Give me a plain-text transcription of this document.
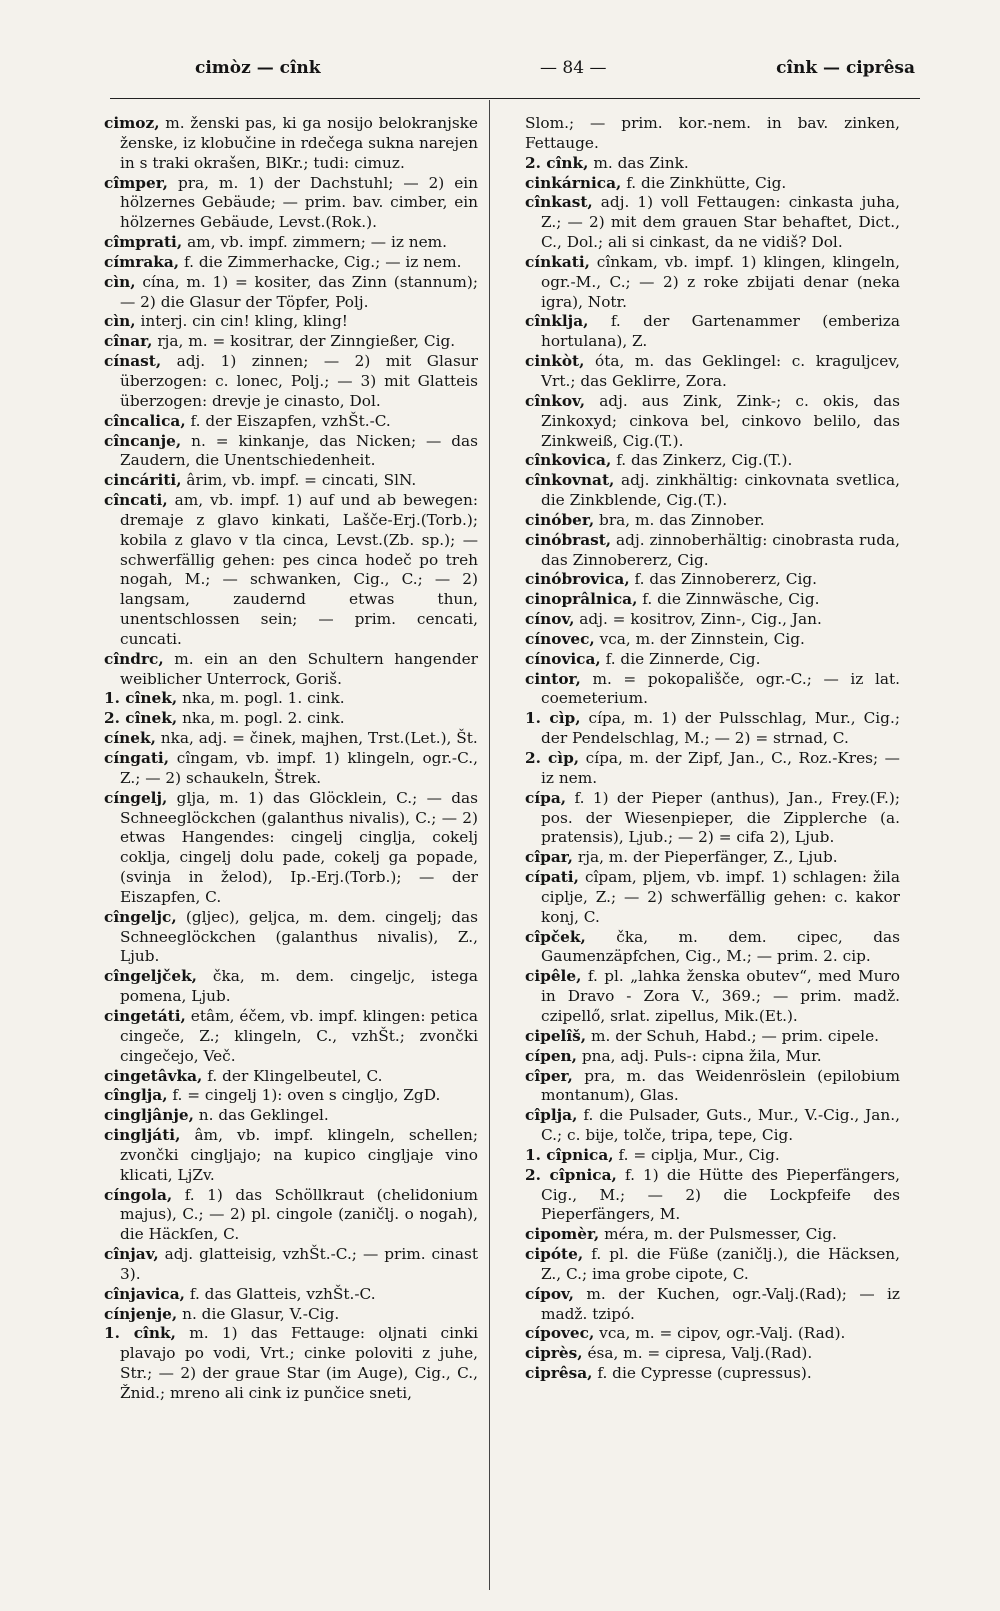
cimòz — cînk	— 84 —	cînk — ciprêsa

cimoz, m. ženski pas, ki ga nosijo belokranjske ženske, iz klobučine in rdečega sukna narejen in s traki okrašen, BlKr.; tudi: cimuz.

cîmper, pra, m. 1) der Dachstuhl; — 2) ein hölzernes Gebäude; — prim. bav. cimber, ein hölzernes Gebäude, Levst.(Rok.).

cîmprati, am, vb. impf. zimmern; — iz nem.

címraka, f. die Zimmerhacke, Cig.; — iz nem.

cìn, cína, m. 1) = kositer, das Zinn (stannum); — 2) die Glasur der Töpfer, Polj.

cìn, interj. cin cin! kling, kling!

cînar, rja, m. = kositrar, der Zinngießer, Cig.

cínast, adj. 1) zinnen; — 2) mit Glasur überzogen: c. lonec, Polj.; — 3) mit Glatteis überzogen: drevje je cinasto, Dol.

cîncalica, f. der Eiszapfen, vzhŠt.-C.

cîncanje, n. = kinkanje, das Nicken; — das Zaudern, die Unentschiedenheit.

cincáriti, ârim, vb. impf. = cincati, SlN.

cîncati, am, vb. impf. 1) auf und ab bewegen: dremaje z glavo kinkati, Lašče-Erj.(Torb.); kobila z glavo v tla cinca, Levst.(Zb. sp.); — schwerfällig gehen: pes cinca hodeč po treh nogah, M.; — schwanken, Cig., C.; — 2) langsam, zaudernd etwas thun, unentschlossen sein; — prim. cencati, cuncati.

cîndrc, m. ein an den Schultern hangender weiblicher Unterrock, Goriš.

1. cînek, nka, m. pogl. 1. cink.

2. cînek, nka, m. pogl. 2. cink.

cínek, nka, adj. = činek, majhen, Trst.(Let.), Št.

cíngati, cîngam, vb. impf. 1) klingeln, ogr.-C., Z.; — 2) schaukeln, Štrek.

cíngelj, glja, m. 1) das Glöcklein, C.; — das Schneeglöckchen (galanthus nivalis), C.; — 2) etwas Hangendes: cingelj cinglja, cokelj coklja, cingelj dolu pade, cokelj ga popade, (svinja in želod), Ip.-Erj.(Torb.); — der Eiszapfen, C.

cîngeljc, (gljec), geljca, m. dem. cingelj; das Schneeglöckchen (galanthus nivalis), Z., Ljub.

cîngeljček, čka, m. dem. cingeljc, istega pomena, Ljub.

cingetáti, etâm, éčem, vb. impf. klingen: petica cingeče, Z.; klingeln, C., vzhŠt.; zvončki cingečejo, Več.

cingetâvka, f. der Klingelbeutel, C.

cînglja, f. = cingelj 1): oven s cingljo, ZgD.

cingljânje, n. das Geklingel.

cingljáti, âm, vb. impf. klingeln, schellen; zvončki cingljajo; na kupico cingljaje vino klicati, LjZv.

cíngola, f. 1) das Schöllkraut (chelidonium majus), C.; — 2) pl. cingole (zaničlj. o nogah), die Häckſen, C.

cînjav, adj. glatteisig, vzhŠt.-C.; — prim. cinast 3).

cînjavica, f. das Glatteis, vzhŠt.-C.

cínjenje, n. die Glasur, V.-Cig.

1. cînk, m. 1) das Fettauge: oljnati cinki plavajo po vodi, Vrt.; cinke poloviti z juhe, Str.; — 2) der graue Star (im Auge), Cig., C., Žnid.; mreno ali cink iz punčice sneti,

Slom.; — prim. kor.-nem. in bav. zinken, Fettauge.

2. cînk, m. das Zink.

cinkárnica, f. die Zinkhütte, Cig.

cînkast, adj. 1) voll Fettaugen: cinkasta juha, Z.; — 2) mit dem grauen Star behaftet, Dict., C., Dol.; ali si cinkast, da ne vidiš? Dol.

cínkati, cînkam, vb. impf. 1) klingen, klingeln, ogr.-M., C.; — 2) z roke zbijati denar (neka igra), Notr.

cînklja, f. der Gartenammer (emberiza hortulana), Z.

cinkòt, óta, m. das Geklingel: c. kraguljcev, Vrt.; das Geklirre, Zora.

cînkov, adj. aus Zink, Zink-; c. okis, das Zinkoxyd; cinkova bel, cinkovo belilo, das Zinkweiß, Cig.(T.).

cînkovica, f. das Zinkerz, Cig.(T.).

cînkovnat, adj. zinkhältig: cinkovnata svetlica, die Zinkblende, Cig.(T.).

cinóber, bra, m. das Zinnober.

cinóbrast, adj. zinnoberhältig: cinobrasta ruda, das Zinnobererz, Cig.

cinóbrovica, f. das Zinnobererz, Cig.

cinoprâlnica, f. die Zinnwäsche, Cig.

cínov, adj. = kositrov, Zinn-, Cig., Jan.

cínovec, vca, m. der Zinnstein, Cig.

cínovica, f. die Zinnerde, Cig.

cintor, m. = pokopališče, ogr.-C.; — iz lat. coemeterium.

1. cìp, cípa, m. 1) der Pulsschlag, Mur., Cig.; der Pendelschlag, M.; — 2) = strnad, C.

2. cìp, cípa, m. der Zipf, Jan., C., Roz.-Kres; — iz nem.

cípa, f. 1) der Pieper (anthus), Jan., Frey.(F.); pos. der Wiesenpieper, die Zipplerche (a. pratensis), Ljub.; — 2) = cifa 2), Ljub.

cîpar, rja, m. der Pieperfänger, Z., Ljub.

cípati, cîpam, pljem, vb. impf. 1) schlagen: žila ciplje, Z.; — 2) schwerfällig gehen: c. kakor konj, C.

cîpček, čka, m. dem. cipec, das Gaumenzäpfchen, Cig., M.; — prim. 2. cip.

cipêle, f. pl. „lahka ženska obutev“, med Muro in Dravo - Zora V., 369.; — prim. madž. czipellő, srlat. zipellus, Mik.(Et.).

cipelîš, m. der Schuh, Habd.; — prim. cipele.

cípen, pna, adj. Puls-: cipna žila, Mur.

cîper, pra, m. das Weidenröslein (epilobium montanum), Glas.

cîplja, f. die Pulsader, Guts., Mur., V.-Cig., Jan., C.; c. bije, tolče, tripa, tepe, Cig.

1. cîpnica, f. = ciplja, Mur., Cig.

2. cîpnica, f. 1) die Hütte des Pieperfängers, Cig., M.; — 2) die Lockpfeife des Pieperfängers, M.

cipomèr, méra, m. der Pulsmesser, Cig.

cipóte, f. pl. die Füße (zaničlj.), die Häcksen, Z., C.; ima grobe cipote, C.

cípov, m. der Kuchen, ogr.-Valj.(Rad); — iz madž. tzipó.

cípovec, vca, m. = cipov, ogr.-Valj. (Rad).

ciprès, ésa, m. = cipresa, Valj.(Rad).

ciprêsa, f. die Cypresse (cupressus).
